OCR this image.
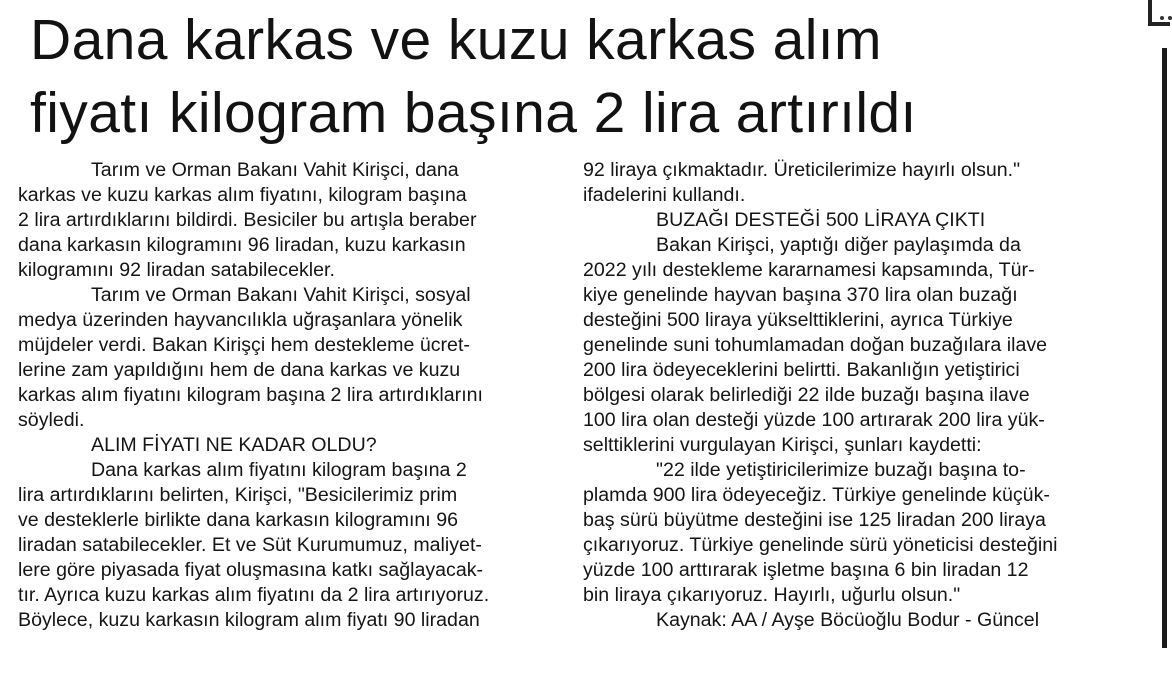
Dana karkas ve kuzu karkas alım
fiyatı kilogram başına 2 lira artırıldı
Tarım ve Orman Bakanı Vahit Kirişci, dana
karkas ve kuzu karkas alım fiyatını, kilogram başına
2 lira artırdıklarını bildirdi. Besiciler bu artışla beraber
dana karkasın kilogramını 96 liradan, kuzu karkasın
kilogramını 92 liradan satabilecekler.
Tarım ve Orman Bakanı Vahit Kirişci, sosyal
medya üzerinden hayvancılıkla uğraşanlara yönelik
müjdeler verdi. Bakan Kirişçi hem destekleme ücret-
lerine zam yapıldığını hem de dana karkas ve kuzu
karkas alım fiyatını kilogram başına 2 lira artırdıklarını
söyledi.
ALIM FİYATI NE KADAR OLDU?
Dana karkas alım fiyatını kilogram başına 2
lira artırdıklarını belirten, Kirişci, "Besicilerimiz prim
ve desteklerle birlikte dana karkasın kilogramını 96
liradan satabilecekler. Et ve Süt Kurumumuz, maliyet-
lere göre piyasada fiyat oluşmasına katkı sağlayacak-
tır. Ayrıca kuzu karkas alım fiyatını da 2 lira artırıyoruz.
Böylece, kuzu karkasın kilogram alım fiyatı 90 liradan
92 liraya çıkmaktadır. Üreticilerimize hayırlı olsun."
ifadelerini kullandı.
BUZAĞI DESTEĞİ 500 LİRAYA ÇIKTI
Bakan Kirişci, yaptığı diğer paylaşımda da
2022 yılı destekleme kararnamesi kapsamında, Tür-
kiye genelinde hayvan başına 370 lira olan buzağı
desteğini 500 liraya yükselttiklerini, ayrıca Türkiye
genelinde suni tohumlamadan doğan buzağılara ilave
200 lira ödeyeceklerini belirtti. Bakanlığın yetiştirici
bölgesi olarak belirlediği 22 ilde buzağı başına ilave
100 lira olan desteği yüzde 100 artırarak 200 lira yük-
selttiklerini vurgulayan Kirişci, şunları kaydetti:
"22 ilde yetiştiricilerimize buzağı başına to-
plamda 900 lira ödeyeceğiz. Türkiye genelinde küçük-
baş sürü büyütme desteğini ise 125 liradan 200 liraya
çıkarıyoruz. Türkiye genelinde sürü yöneticisi desteğini
yüzde 100 arttırarak işletme başına 6 bin liradan 12
bin liraya çıkarıyoruz. Hayırlı, uğurlu olsun."
Kaynak: AA / Ayşe Böcüoğlu Bodur - Güncel
